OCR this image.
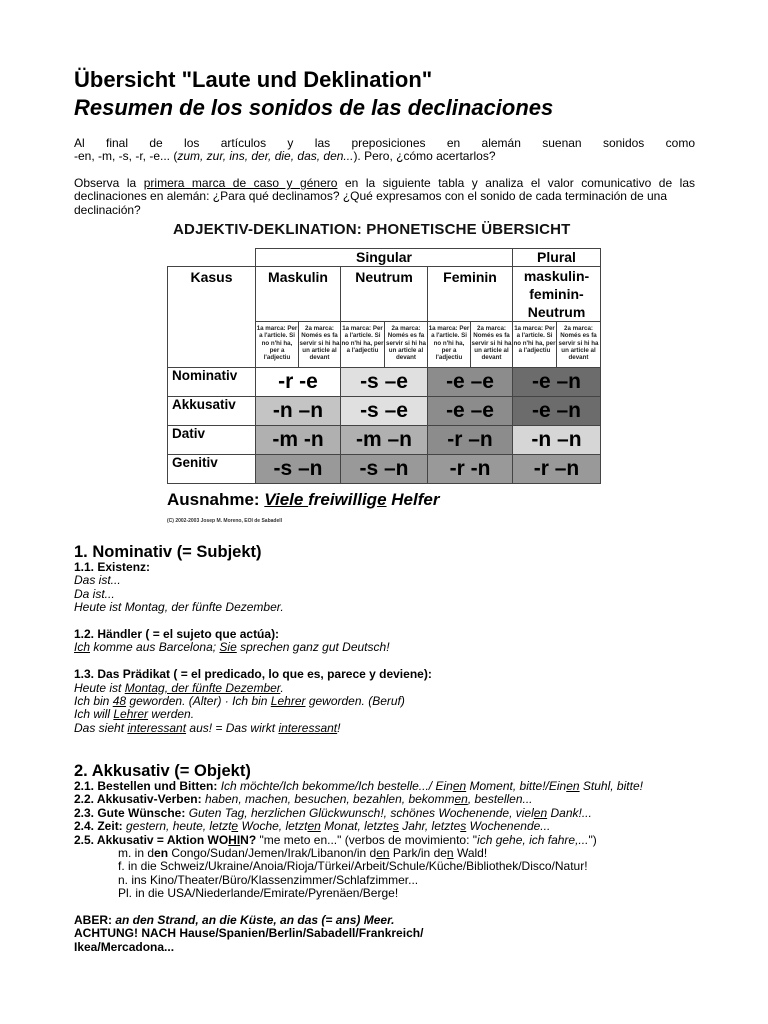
Übersicht "Laute und Deklination"
Resumen de los sonidos de las declinaciones
Al final de los artículos y las preposiciones en alemán suenan sonidos como
-en, -m, -s, -r, -e... (zum, zur, ins, der, die, das, den...). Pero, ¿cómo acertarlos?
Observa la primera marca de caso y género en la siguiente tabla y analiza el valor comunicativo de las
declinaciones en alemán: ¿Para qué declinamos? ¿Qué expresamos con el sonido de cada terminación de una
declinación?
ADJEKTIV-DEKLINATION: PHONETISCHE ÜBERSICHT
	Singular						Plural	
Kasus	Maskulin		Neutrum		Feminin		maskulin-feminin-Neutrum	
	1a marca: Per a l'article. Si no n'hi ha, per a l'adjectiu	2a marca: Només es fa servir si hi ha un article al devant	1a marca: Per a l'article. Si no n'hi ha, per a l'adjectiu	2a marca: Només es fa servir si hi ha un article al devant	1a marca: Per a l'article. Si no n'hi ha, per a l'adjectiu	2a marca: Només es fa servir si hi ha un article al devant	1a marca: Per a l'article. Si no n'hi ha, per a l'adjectiu	2a marca: Només es fa servir si hi ha un article al devant
Nominativ	-r -e		-s –e		-e –e		-e –n	
Akkusativ	-n –n		-s –e		-e –e		-e –n	
Dativ	-m -n		-m –n		-r –n		-n –n	
Genitiv	-s –n		-s –n		-r -n		-r –n	
Ausnahme: Viele freiwillige Helfer
(C) 2002-2003 Josep M. Moreno, EOI de Sabadell
1. Nominativ (= Subjekt)
1.1. Existenz:
Das ist...
Da ist...
Heute ist Montag, der fünfte Dezember.

1.2. Händler ( = el sujeto que actúa):
Ich komme aus Barcelona; Sie sprechen ganz gut Deutsch!

1.3. Das Prädikat ( = el predicado, lo que es, parece y deviene):
Heute ist Montag, der fünfte Dezember.
Ich bin 48 geworden. (Alter) · Ich bin Lehrer geworden. (Beruf)
Ich will Lehrer werden.
Das sieht interessant aus! = Das wirkt interessant!
2. Akkusativ (= Objekt)
2.1. Bestellen und Bitten: Ich möchte/Ich bekomme/Ich bestelle.../ Einen Moment, bitte!/Einen Stuhl, bitte!
2.2. Akkusativ-Verben: haben, machen, besuchen, bezahlen, bekommen, bestellen...
2.3. Gute Wünsche: Guten Tag, herzlichen Glückwunsch!, schönes Wochenende, vielen Dank!...
2.4. Zeit: gestern, heute, letzte Woche, letzten Monat, letztes Jahr, letztes Wochenende...
2.5. Akkusativ = Aktion WOHIN? "me meto en..." (verbos de movimiento: "ich gehe, ich fahre,...")
m. in den Congo/Sudan/Jemen/Irak/Libanon/in den Park/in den Wald!
f. in die Schweiz/Ukraine/Anoia/Rioja/Türkei/Arbeit/Schule/Küche/Bibliothek/Disco/Natur!
n. ins Kino/Theater/Büro/Klassenzimmer/Schlafzimmer...
Pl. in die USA/Niederlande/Emirate/Pyrenäen/Berge!

ABER: an den Strand, an die Küste, an das (= ans) Meer.
ACHTUNG! NACH Hause/Spanien/Berlin/Sabadell/Frankreich/
Ikea/Mercadona...
